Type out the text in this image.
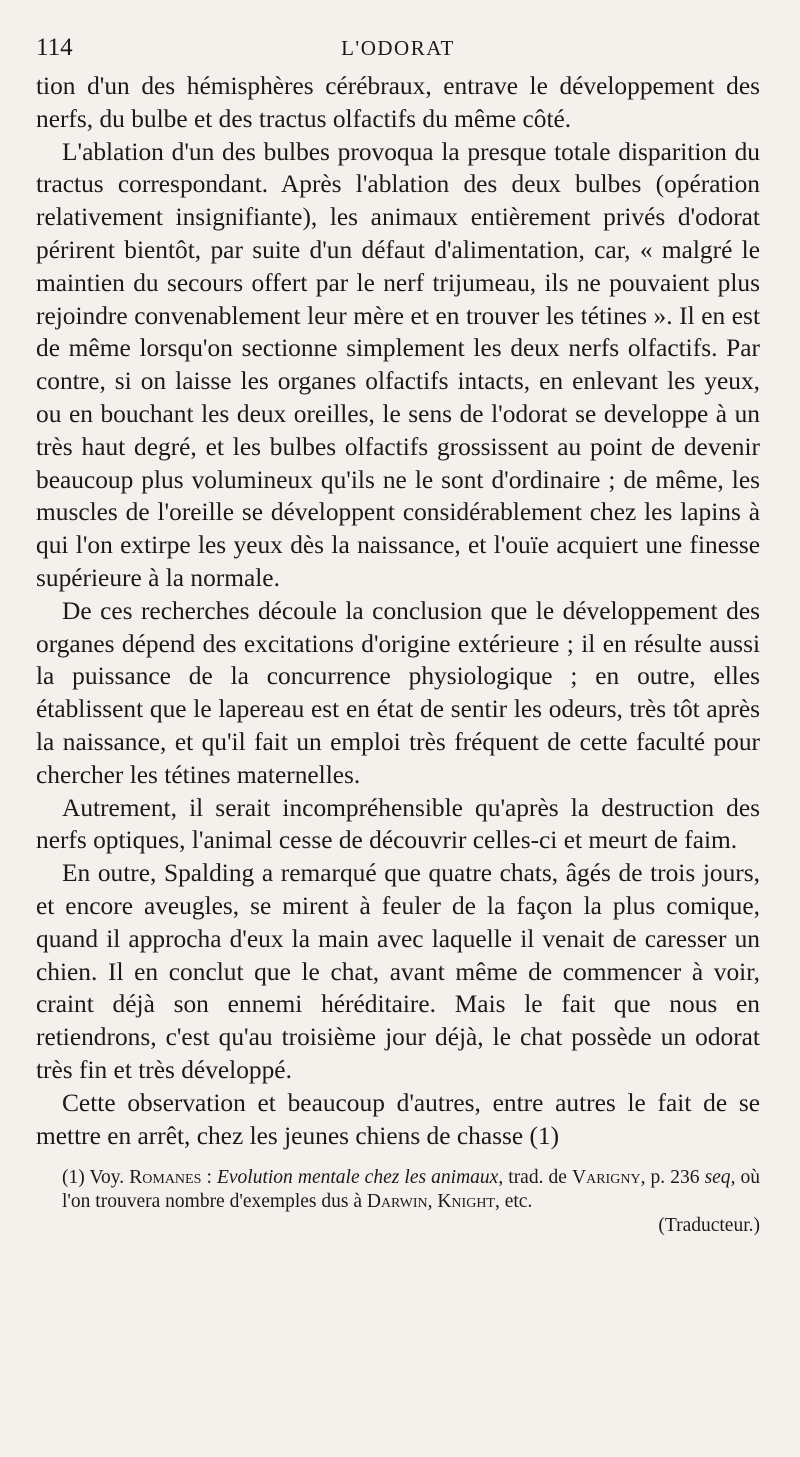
114	L'ODORAT

tion d'un des hémisphères cérébraux, entrave le développement des nerfs, du bulbe et des tractus olfactifs du même côté.

L'ablation d'un des bulbes provoqua la presque totale disparition du tractus correspondant. Après l'ablation des deux bulbes (opération relativement insignifiante), les animaux entièrement privés d'odorat périrent bientôt, par suite d'un défaut d'alimentation, car, « malgré le maintien du secours offert par le nerf trijumeau, ils ne pouvaient plus rejoindre convenablement leur mère et en trouver les tétines ». Il en est de même lorsqu'on sectionne simplement les deux nerfs olfactifs. Par contre, si on laisse les organes olfactifs intacts, en enlevant les yeux, ou en bouchant les deux oreilles, le sens de l'odorat se developpe à un très haut degré, et les bulbes olfactifs grossissent au point de devenir beaucoup plus volumineux qu'ils ne le sont d'ordinaire ; de même, les muscles de l'oreille se développent considérablement chez les lapins à qui l'on extirpe les yeux dès la naissance, et l'ouïe acquiert une finesse supérieure à la normale.

De ces recherches découle la conclusion que le développement des organes dépend des excitations d'origine extérieure ; il en résulte aussi la puissance de la concurrence physiologique ; en outre, elles établissent que le lapereau est en état de sentir les odeurs, très tôt après la naissance, et qu'il fait un emploi très fréquent de cette faculté pour chercher les tétines maternelles.

Autrement, il serait incompréhensible qu'après la destruction des nerfs optiques, l'animal cesse de découvrir celles-ci et meurt de faim.

En outre, Spalding a remarqué que quatre chats, âgés de trois jours, et encore aveugles, se mirent à feuler de la façon la plus comique, quand il approcha d'eux la main avec laquelle il venait de caresser un chien. Il en conclut que le chat, avant même de commencer à voir, craint déjà son ennemi héréditaire. Mais le fait que nous en retiendrons, c'est qu'au troisième jour déjà, le chat possède un odorat très fin et très développé.

Cette observation et beaucoup d'autres, entre autres le fait de se mettre en arrêt, chez les jeunes chiens de chasse (1)

(1) Voy. Romanes : Evolution mentale chez les animaux, trad. de Varigny, p. 236 seq, où l'on trouvera nombre d'exemples dus à Darwin, Knight, etc.
(Traducteur.)
